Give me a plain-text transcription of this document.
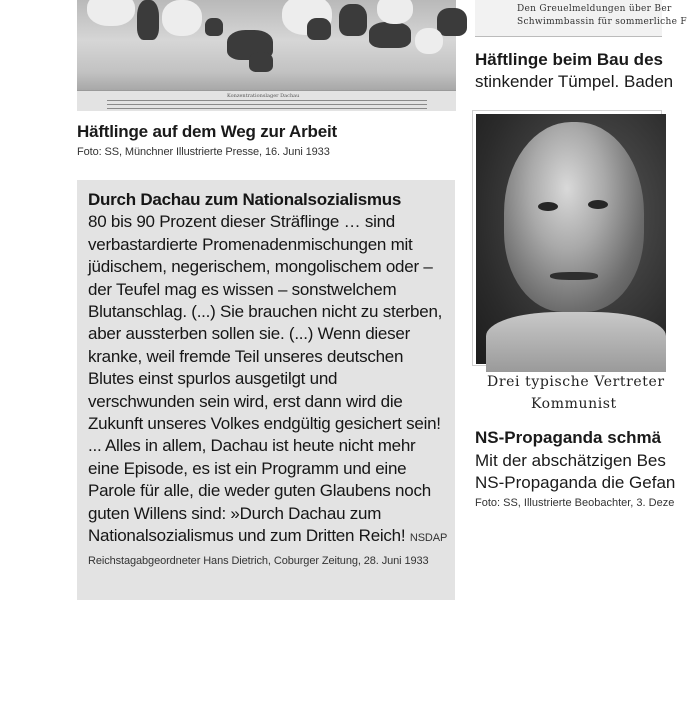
Konzentrationslager Dachau
Häftlinge auf dem Weg zur Arbeit
Foto: SS, Münchner Illustrierte Presse, 16. Juni 1933
Durch Dachau zum Nationalsozialismus
80 bis 90 Prozent dieser Sträflinge … sind verbastardierte Promenadenmischungen mit jüdischem, negerischem, mongolischem oder – der Teufel mag es wissen – sonstwelchem Blutanschlag. (...) Sie brauchen nicht zu sterben, aber aussterben sollen sie. (...) Wenn dieser kranke, weil fremde Teil unseres deutschen Blutes einst spurlos ausgetilgt und verschwunden sein wird, erst dann wird die Zukunft unseres Volkes endgültig gesichert sein! ... Alles in allem, Dachau ist heute nicht mehr eine Episode, es ist ein Programm und eine Parole für alle, die weder guten Glaubens noch guten Willens sind: »Durch Dachau zum Nationalsozialismus und zum Dritten Reich! NSDAP Reichstagabgeordneter Hans Dietrich, Coburger Zeitung, 28. Juni 1933
Den Greuelmeldungen über Ber
Schwimmbassin für sommerliche F
Häftlinge beim Bau des
stinkender Tümpel. Baden
Drei typische Vertreter
Kommunist
NS-Propaganda schmä
Mit der abschätzigen Bes
NS-Propaganda die Gefan
Foto: SS, Illustrierte Beobachter, 3. Deze
